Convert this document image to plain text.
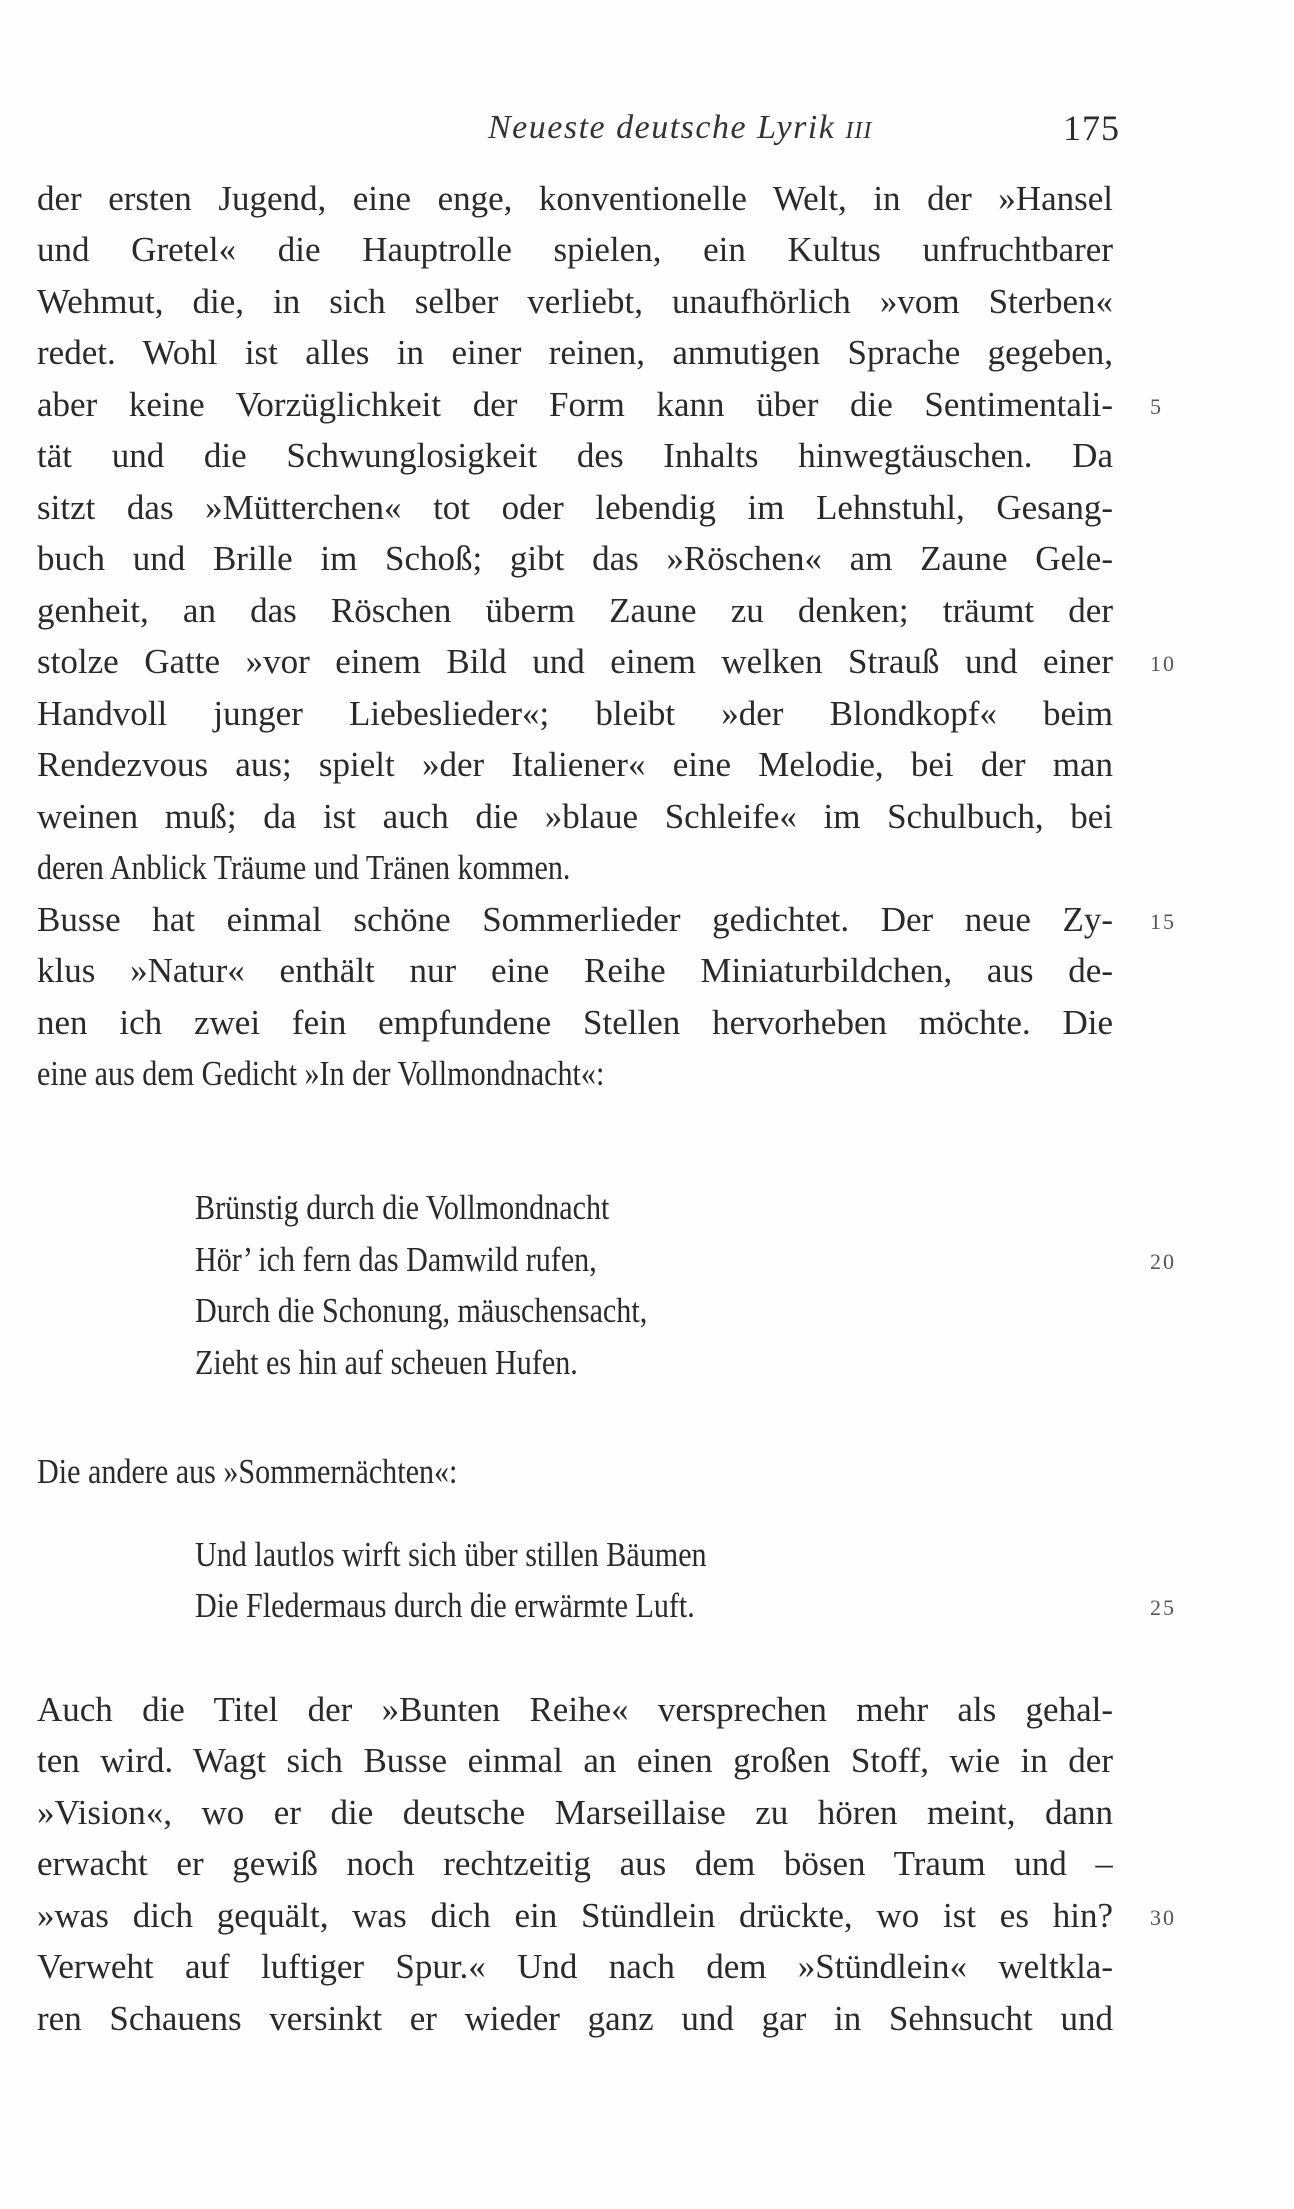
Neueste deutsche Lyrik III	175
der ersten Jugend, eine enge, konventionelle Welt, in der »Hansel
und Gretel« die Hauptrolle spielen, ein Kultus unfruchtbarer
Wehmut, die, in sich selber verliebt, unaufhörlich »vom Sterben«
redet. Wohl ist alles in einer reinen, anmutigen Sprache gegeben,
aber keine Vorzüglichkeit der Form kann über die Sentimentali-
tät und die Schwunglosigkeit des Inhalts hinwegtäuschen. Da
sitzt das »Mütterchen« tot oder lebendig im Lehnstuhl, Gesang-
buch und Brille im Schoß; gibt das »Röschen« am Zaune Gele-
genheit, an das Röschen überm Zaune zu denken; träumt der
stolze Gatte »vor einem Bild und einem welken Strauß und einer
Handvoll junger Liebeslieder«; bleibt »der Blondkopf« beim
Rendezvous aus; spielt »der Italiener« eine Melodie, bei der man
weinen muß; da ist auch die »blaue Schleife« im Schulbuch, bei
deren Anblick Träume und Tränen kommen.
Busse hat einmal schöne Sommerlieder gedichtet. Der neue Zy-
klus »Natur« enthält nur eine Reihe Miniaturbildchen, aus de-
nen ich zwei fein empfundene Stellen hervorheben möchte. Die
eine aus dem Gedicht »In der Vollmondnacht«:
Brünstig durch die Vollmondnacht
Hör’ ich fern das Damwild rufen,
Durch die Schonung, mäuschensacht,
Zieht es hin auf scheuen Hufen.
Die andere aus »Sommernächten«:
Und lautlos wirft sich über stillen Bäumen
Die Fledermaus durch die erwärmte Luft.
Auch die Titel der »Bunten Reihe« versprechen mehr als gehal-
ten wird. Wagt sich Busse einmal an einen großen Stoff, wie in der
»Vision«, wo er die deutsche Marseillaise zu hören meint, dann
erwacht er gewiß noch rechtzeitig aus dem bösen Traum und –
»was dich gequält, was dich ein Stündlein drückte, wo ist es hin?
Verweht auf luftiger Spur.« Und nach dem »Stündlein« weltkla-
ren Schauens versinkt er wieder ganz und gar in Sehnsucht und
5
10
15
20
25
30
